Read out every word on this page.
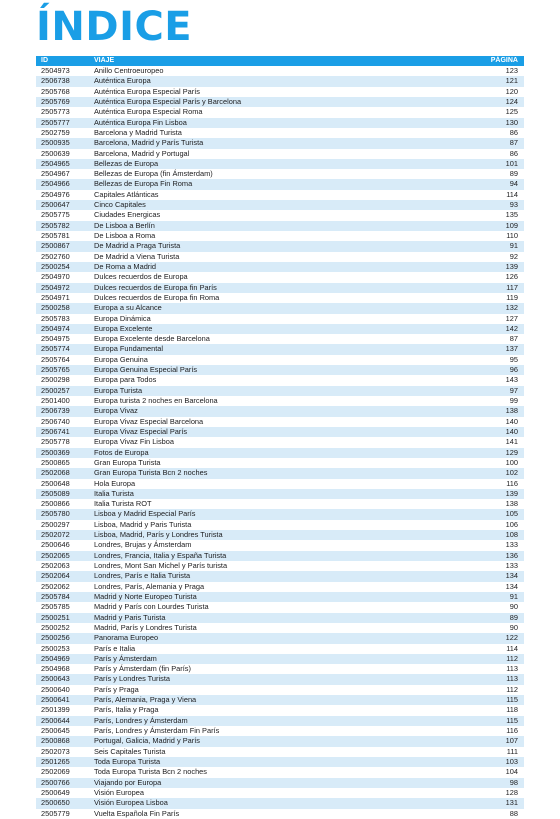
ÍNDICE
ID	VIAJE	PÁGINA
2504973	Anillo Centroeuropeo	123
2506738	Auténtica Europa	121
2505768	Auténtica Europa Especial París	120
2505769	Auténtica Europa Especial París y Barcelona	124
2505773	Auténtica Europa Especial Roma	125
2505777	Auténtica Europa Fin Lisboa	130
2502759	Barcelona y Madrid Turista	86
2500935	Barcelona, Madrid y París Turista	87
2500639	Barcelona, Madrid y Portugal	86
2504965	Bellezas de Europa	101
2504967	Bellezas de Europa (fin Ámsterdam)	89
2504966	Bellezas de Europa Fin Roma	94
2504976	Capitales Atlánticas	114
2500647	Cinco Capitales	93
2505775	Ciudades Energicas	135
2505782	De Lisboa a Berlín	109
2505781	De Lisboa a Roma	110
2500867	De Madrid a Praga Turista	91
2502760	De Madrid a Viena Turista	92
2500254	De Roma a Madrid	139
2504970	Dulces recuerdos de Europa	126
2504972	Dulces recuerdos de Europa fin París	117
2504971	Dulces recuerdos de Europa fin Roma	119
2500258	Europa a su Alcance	132
2505783	Europa Dinámica	127
2504974	Europa Excelente	142
2504975	Europa Excelente desde Barcelona	87
2505774	Europa Fundamental	137
2505764	Europa Genuina	95
2505765	Europa Genuina Especial París	96
2500298	Europa para Todos	143
2500257	Europa Turista	97
2501400	Europa turista 2 noches en Barcelona	99
2506739	Europa Vivaz	138
2506740	Europa Vivaz Especial Barcelona	140
2506741	Europa Vivaz Especial París	140
2505778	Europa Vivaz Fin Lisboa	141
2500369	Fotos de Europa	129
2500865	Gran Europa Turista	100
2502068	Gran Europa Turista Bcn 2 noches	102
2500648	Hola Europa	116
2505089	Italia Turista	139
2500866	Italia Turista ROT	138
2505780	Lisboa y Madrid Especial París	105
2500297	Lisboa, Madrid y Paris Turista	106
2502072	Lisboa, Madrid, París y Londres Turista	108
2500646	Londres, Brujas y Ámsterdam	133
2502065	Londres, Francia, Italia y España Turista	136
2502063	Londres, Mont San Michel y París turista	133
2502064	Londres, París e Italia Turista	134
2502062	Londres, París, Alemania y Praga	134
2505784	Madrid y Norte Europeo Turista	91
2505785	Madrid y París con Lourdes Turista	90
2500251	Madrid y Paris Turista	89
2500252	Madrid, París y Londres Turista	90
2500256	Panorama Europeo	122
2500253	París e Italia	114
2504969	París y Ámsterdam	112
2504968	París y Ámsterdam (fin París)	113
2500643	París y Londres Turista	113
2500640	París y Praga	112
2500641	París, Alemania, Praga y Viena	115
2501399	París, Italia y Praga	118
2500644	París, Londres y Ámsterdam	115
2500645	París, Londres y Ámsterdam Fin París	116
2500868	Portugal, Galicia, Madrid y París	107
2502073	Seis Capitales Turista	111
2501265	Toda Europa Turista	103
2502069	Toda Europa Turista Bcn 2 noches	104
2500766	Viajando por Europa	98
2500649	Visión Europea	128
2500650	Visión Europea Lisboa	131
2505779	Vuelta Española Fin París	88
